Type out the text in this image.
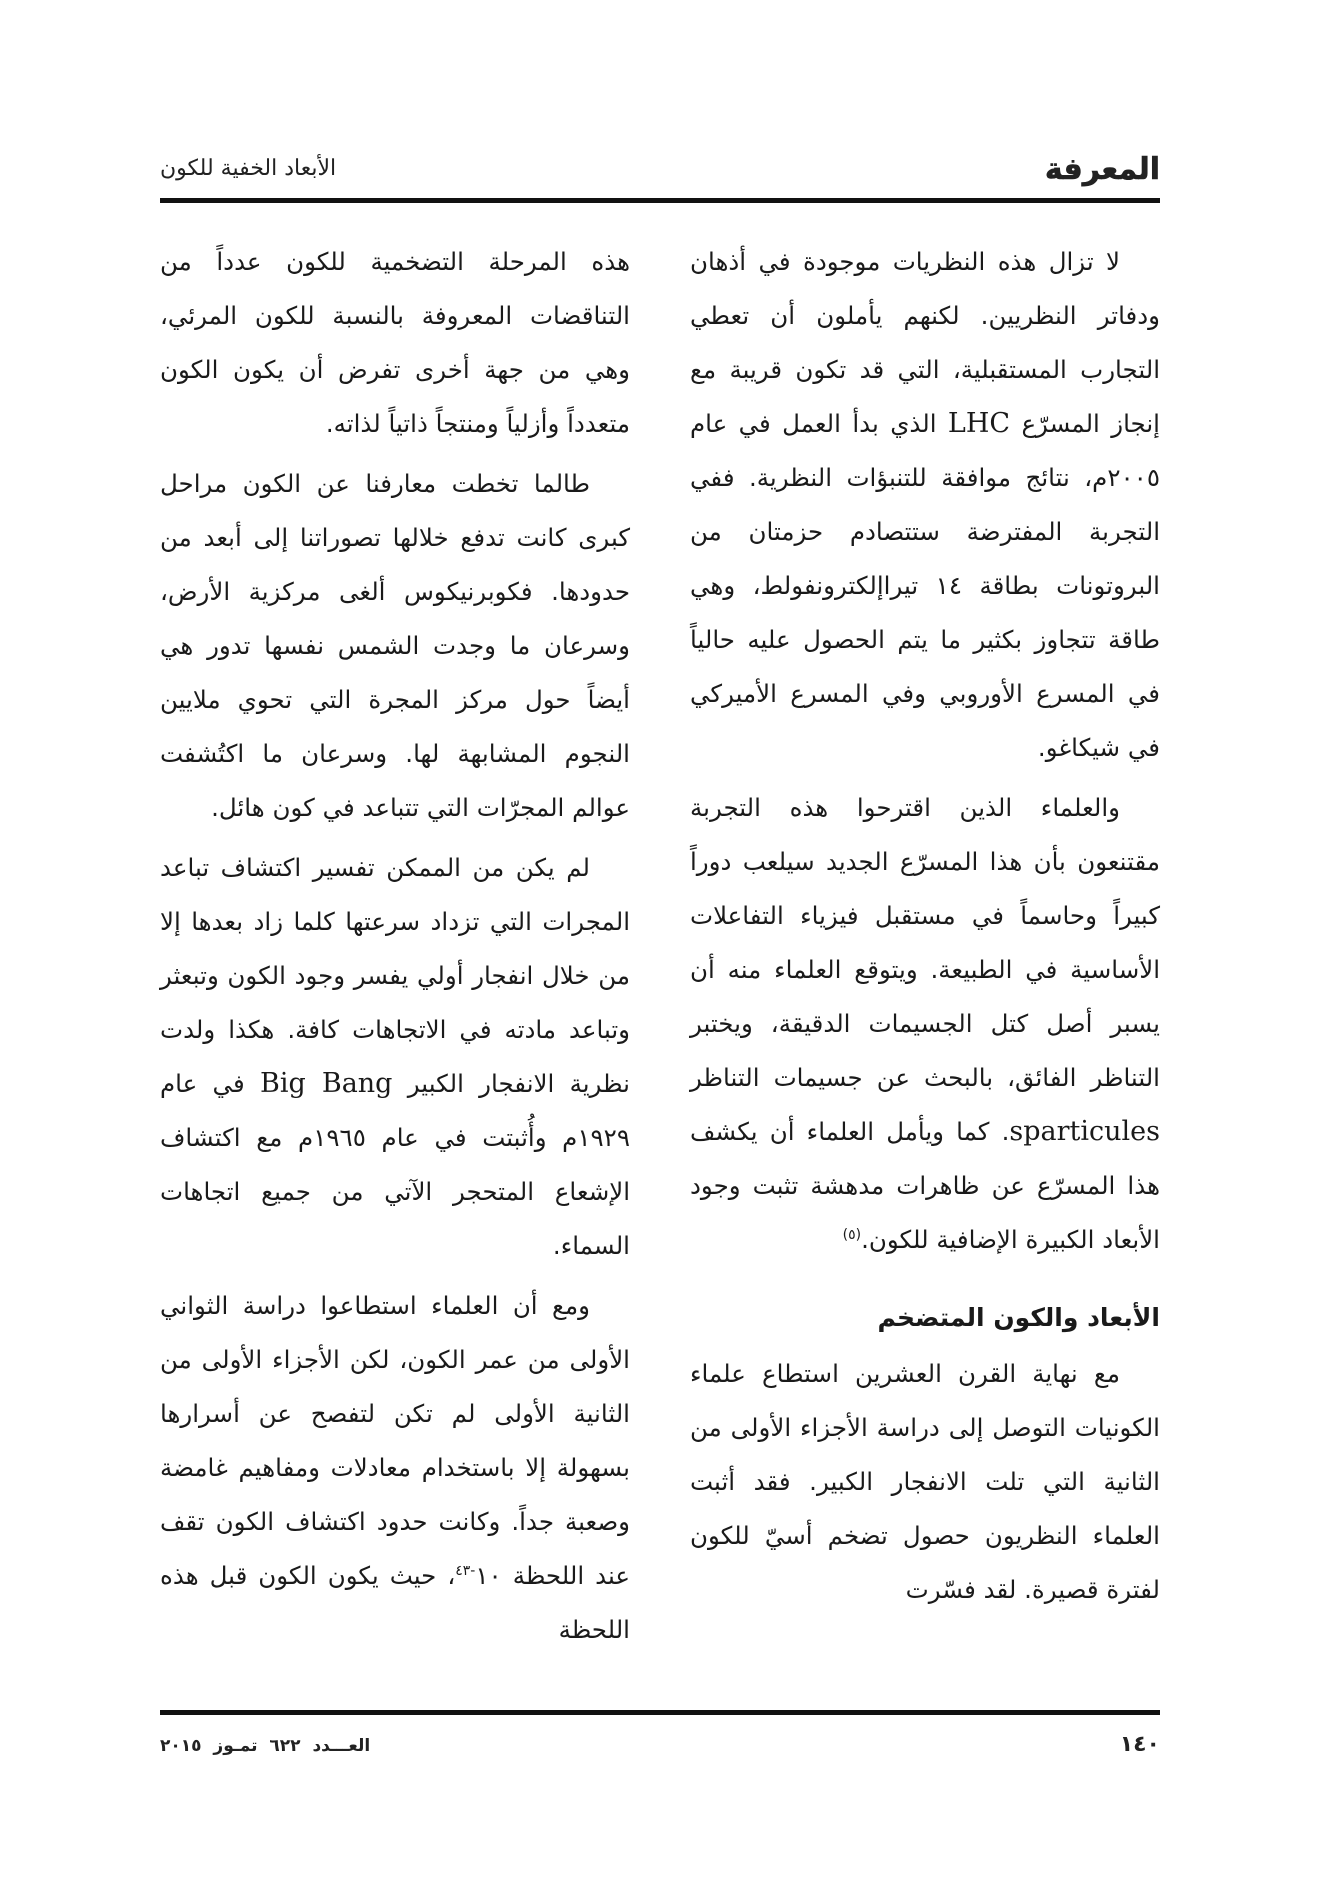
المعرفة
الأبعاد الخفية للكون

لا تزال هذه النظريات موجودة في أذهان ودفاتر النظريين. لكنهم يأملون أن تعطي التجارب المستقبلية، التي قد تكون قريبة مع إنجاز المسرّع LHC الذي بدأ العمل في عام ٢٠٠٥م، نتائج موافقة للتنبؤات النظرية. ففي التجربة المفترضة ستتصادم حزمتان من البروتونات بطاقة ١٤ تيراإلكترونفولط، وهي طاقة تتجاوز بكثير ما يتم الحصول عليه حالياً في المسرع الأوروبي وفي المسرع الأميركي في شيكاغو.

والعلماء الذين اقترحوا هذه التجربة مقتنعون بأن هذا المسرّع الجديد سيلعب دوراً كبيراً وحاسماً في مستقبل فيزياء التفاعلات الأساسية في الطبيعة. ويتوقع العلماء منه أن يسبر أصل كتل الجسيمات الدقيقة، ويختبر التناظر الفائق، بالبحث عن جسيمات التناظر sparticules. كما ويأمل العلماء أن يكشف هذا المسرّع عن ظاهرات مدهشة تثبت وجود الأبعاد الكبيرة الإضافية للكون.$^{(٥)}$

الأبعاد والكون المتضخم

مع نهاية القرن العشرين استطاع علماء الكونيات التوصل إلى دراسة الأجزاء الأولى من الثانية التي تلت الانفجار الكبير. فقد أثبت العلماء النظريون حصول تضخم أسيّ للكون لفترة قصيرة. لقد فسّرت

هذه المرحلة التضخمية للكون عدداً من التناقضات المعروفة بالنسبة للكون المرئي، وهي من جهة أخرى تفرض أن يكون الكون متعدداً وأزلياً ومنتجاً ذاتياً لذاته.

طالما تخطت معارفنا عن الكون مراحل كبرى كانت تدفع خلالها تصوراتنا إلى أبعد من حدودها. فكوبرنيكوس ألغى مركزية الأرض، وسرعان ما وجدت الشمس نفسها تدور هي أيضاً حول مركز المجرة التي تحوي ملايين النجوم المشابهة لها. وسرعان ما اكتُشفت عوالم المجرّات التي تتباعد في كون هائل.

لم يكن من الممكن تفسير اكتشاف تباعد المجرات التي تزداد سرعتها كلما زاد بعدها إلا من خلال انفجار أولي يفسر وجود الكون وتبعثر وتباعد مادته في الاتجاهات كافة. هكذا ولدت نظرية الانفجار الكبير Big Bang في عام ١٩٢٩م وأُثبتت في عام ١٩٦٥م مع اكتشاف الإشعاع المتحجر الآتي من جميع اتجاهات السماء.

ومع أن العلماء استطاعوا دراسة الثواني الأولى من عمر الكون، لكن الأجزاء الأولى من الثانية الأولى لم تكن لتفصح عن أسرارها بسهولة إلا باستخدام معادلات ومفاهيم غامضة وصعبة جداً. وكانت حدود اكتشاف الكون تقف عند اللحظة ١٠$^{-٤٣}$، حيث يكون الكون قبل هذه اللحظة

١٤٠
العـــدد ٦٢٢ تمـوز ٢٠١٥
